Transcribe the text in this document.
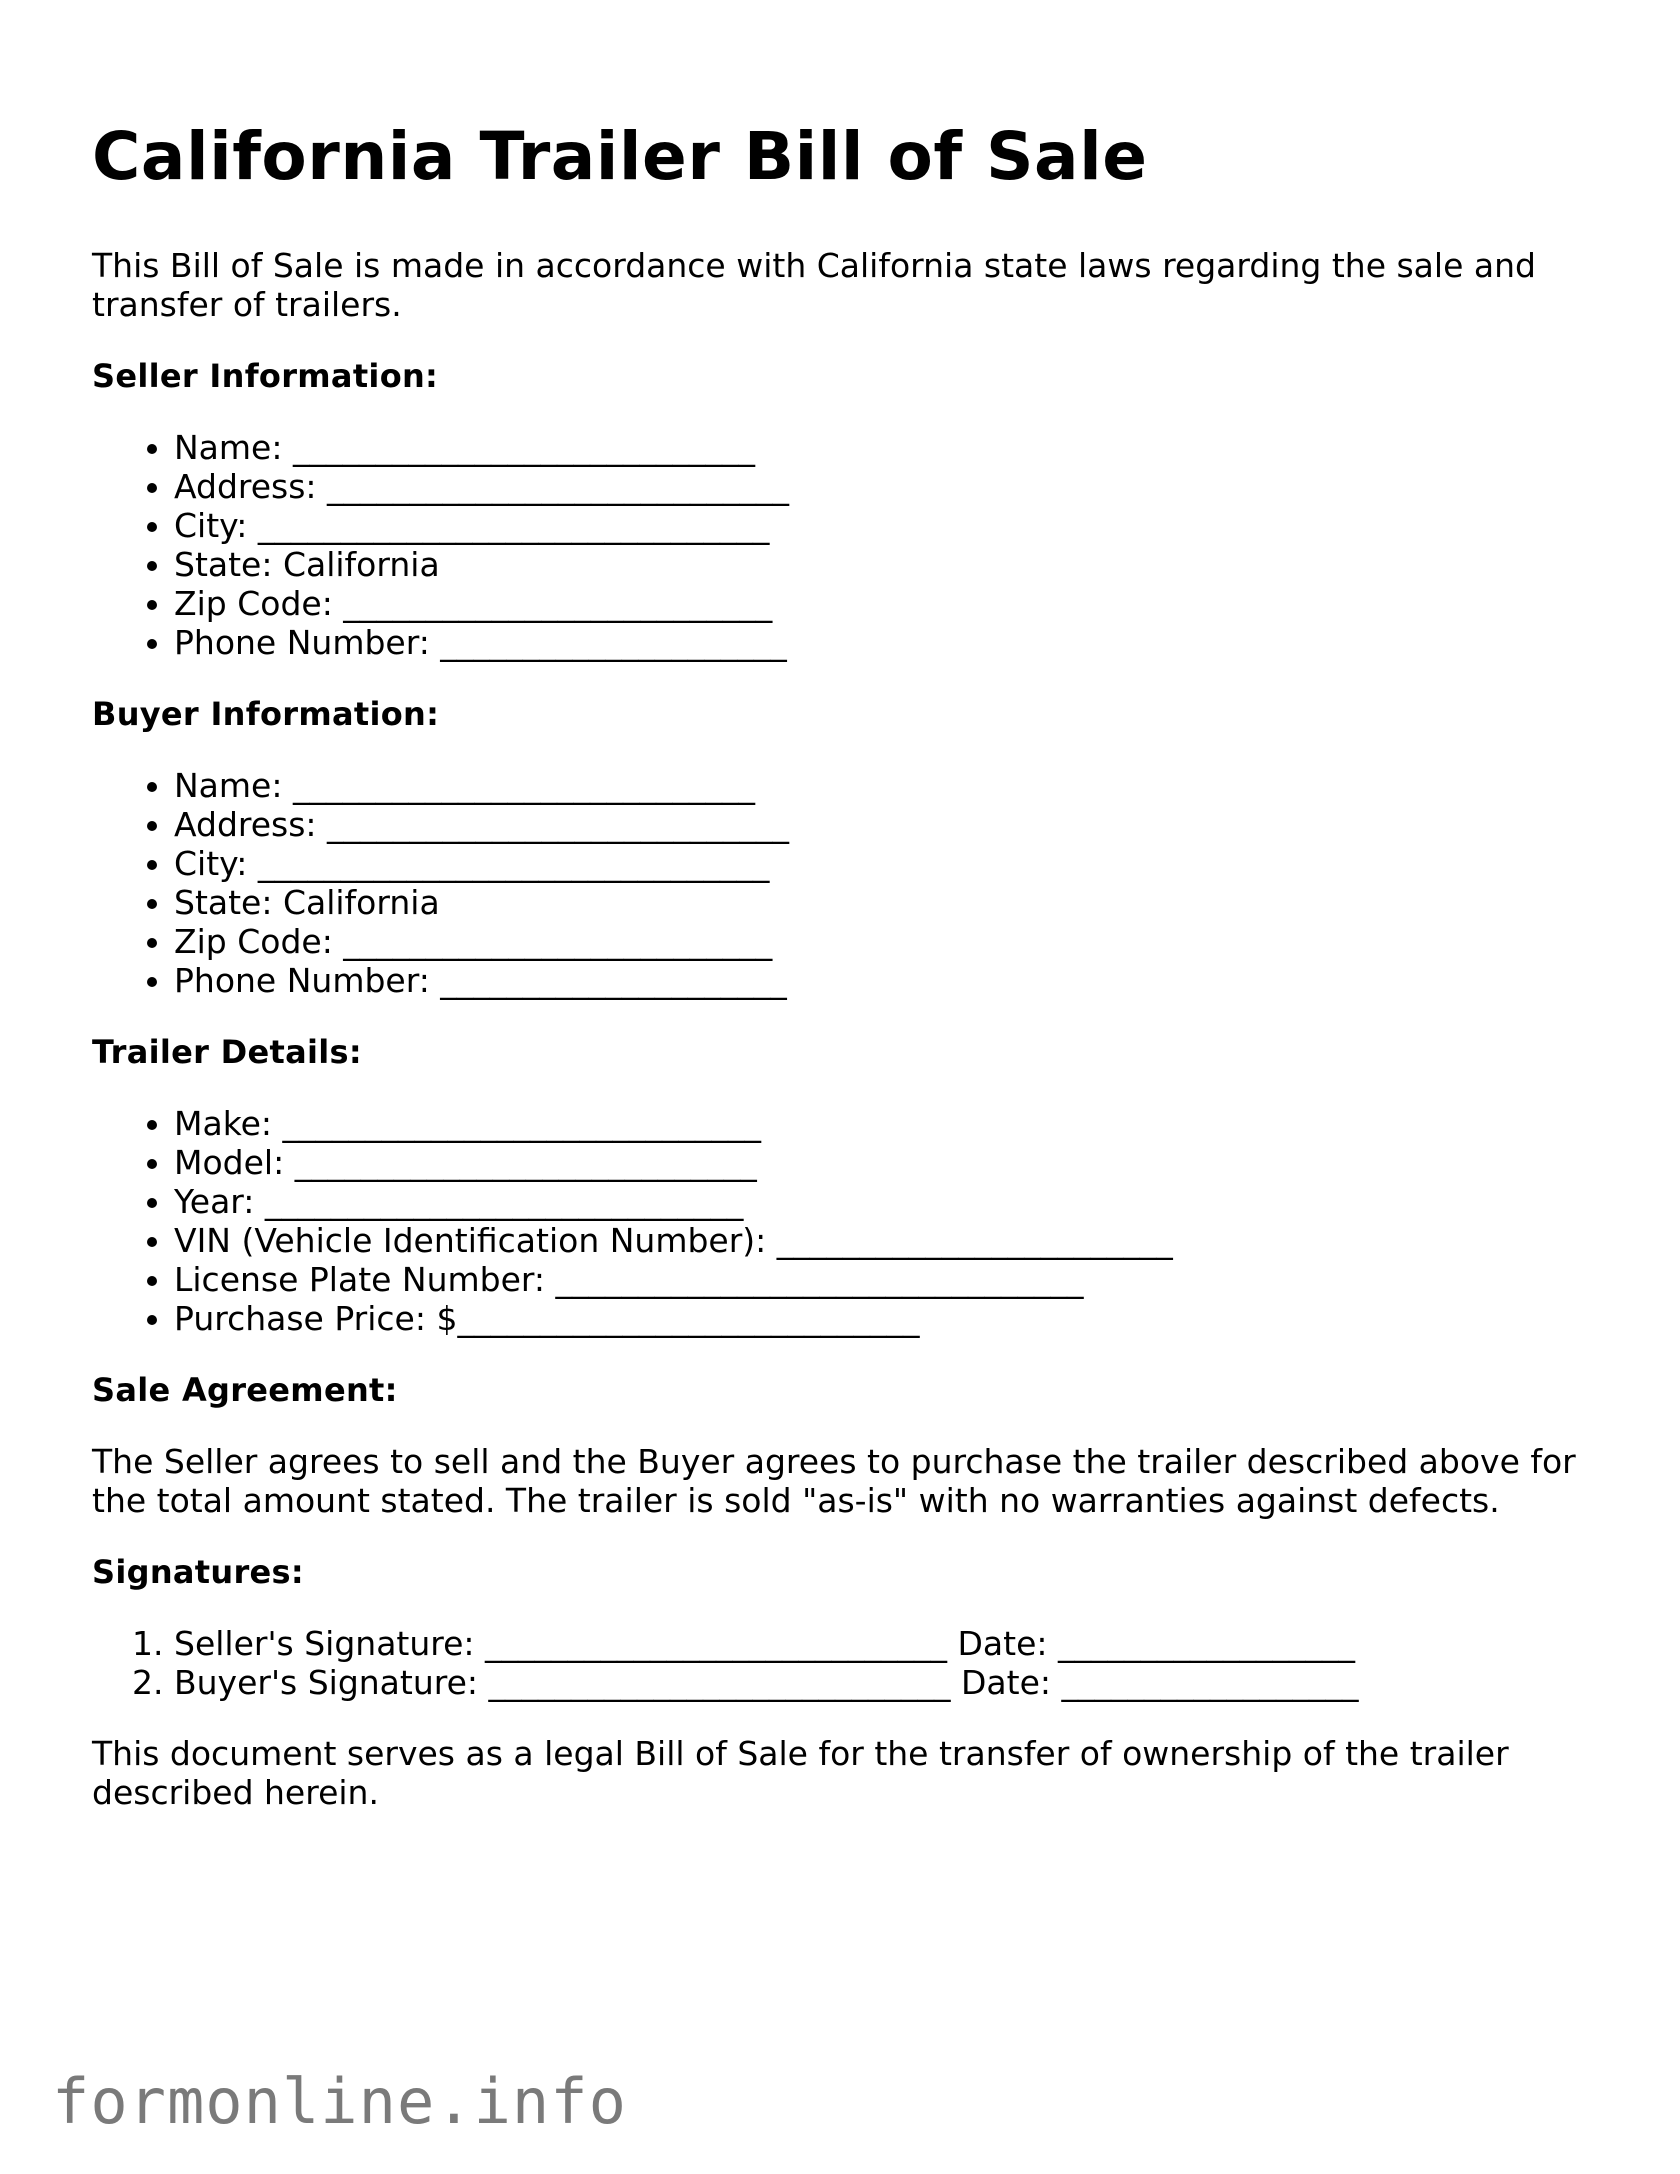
California Trailer Bill of Sale

This Bill of Sale is made in accordance with California state laws regarding the sale and transfer of trailers.

Seller Information:
• Name: ____________________________
• Address: ____________________________
• City: _______________________________
• State: California
• Zip Code: __________________________
• Phone Number: _____________________
Buyer Information:
• Name: ____________________________
• Address: ____________________________
• City: _______________________________
• State: California
• Zip Code: __________________________
• Phone Number: _____________________
Trailer Details:
• Make: _____________________________
• Model: ____________________________
• Year: _____________________________
• VIN (Vehicle Identification Number): ________________________
• License Plate Number: ________________________________
• Purchase Price: $____________________________
Sale Agreement:

The Seller agrees to sell and the Buyer agrees to purchase the trailer described above for the total amount stated. The trailer is sold "as-is" with no warranties against defects.

Signatures:
1. Seller's Signature: ____________________________ Date: __________________
2. Buyer's Signature: ____________________________ Date: __________________

This document serves as a legal Bill of Sale for the transfer of ownership of the trailer described herein.

formonline.info
